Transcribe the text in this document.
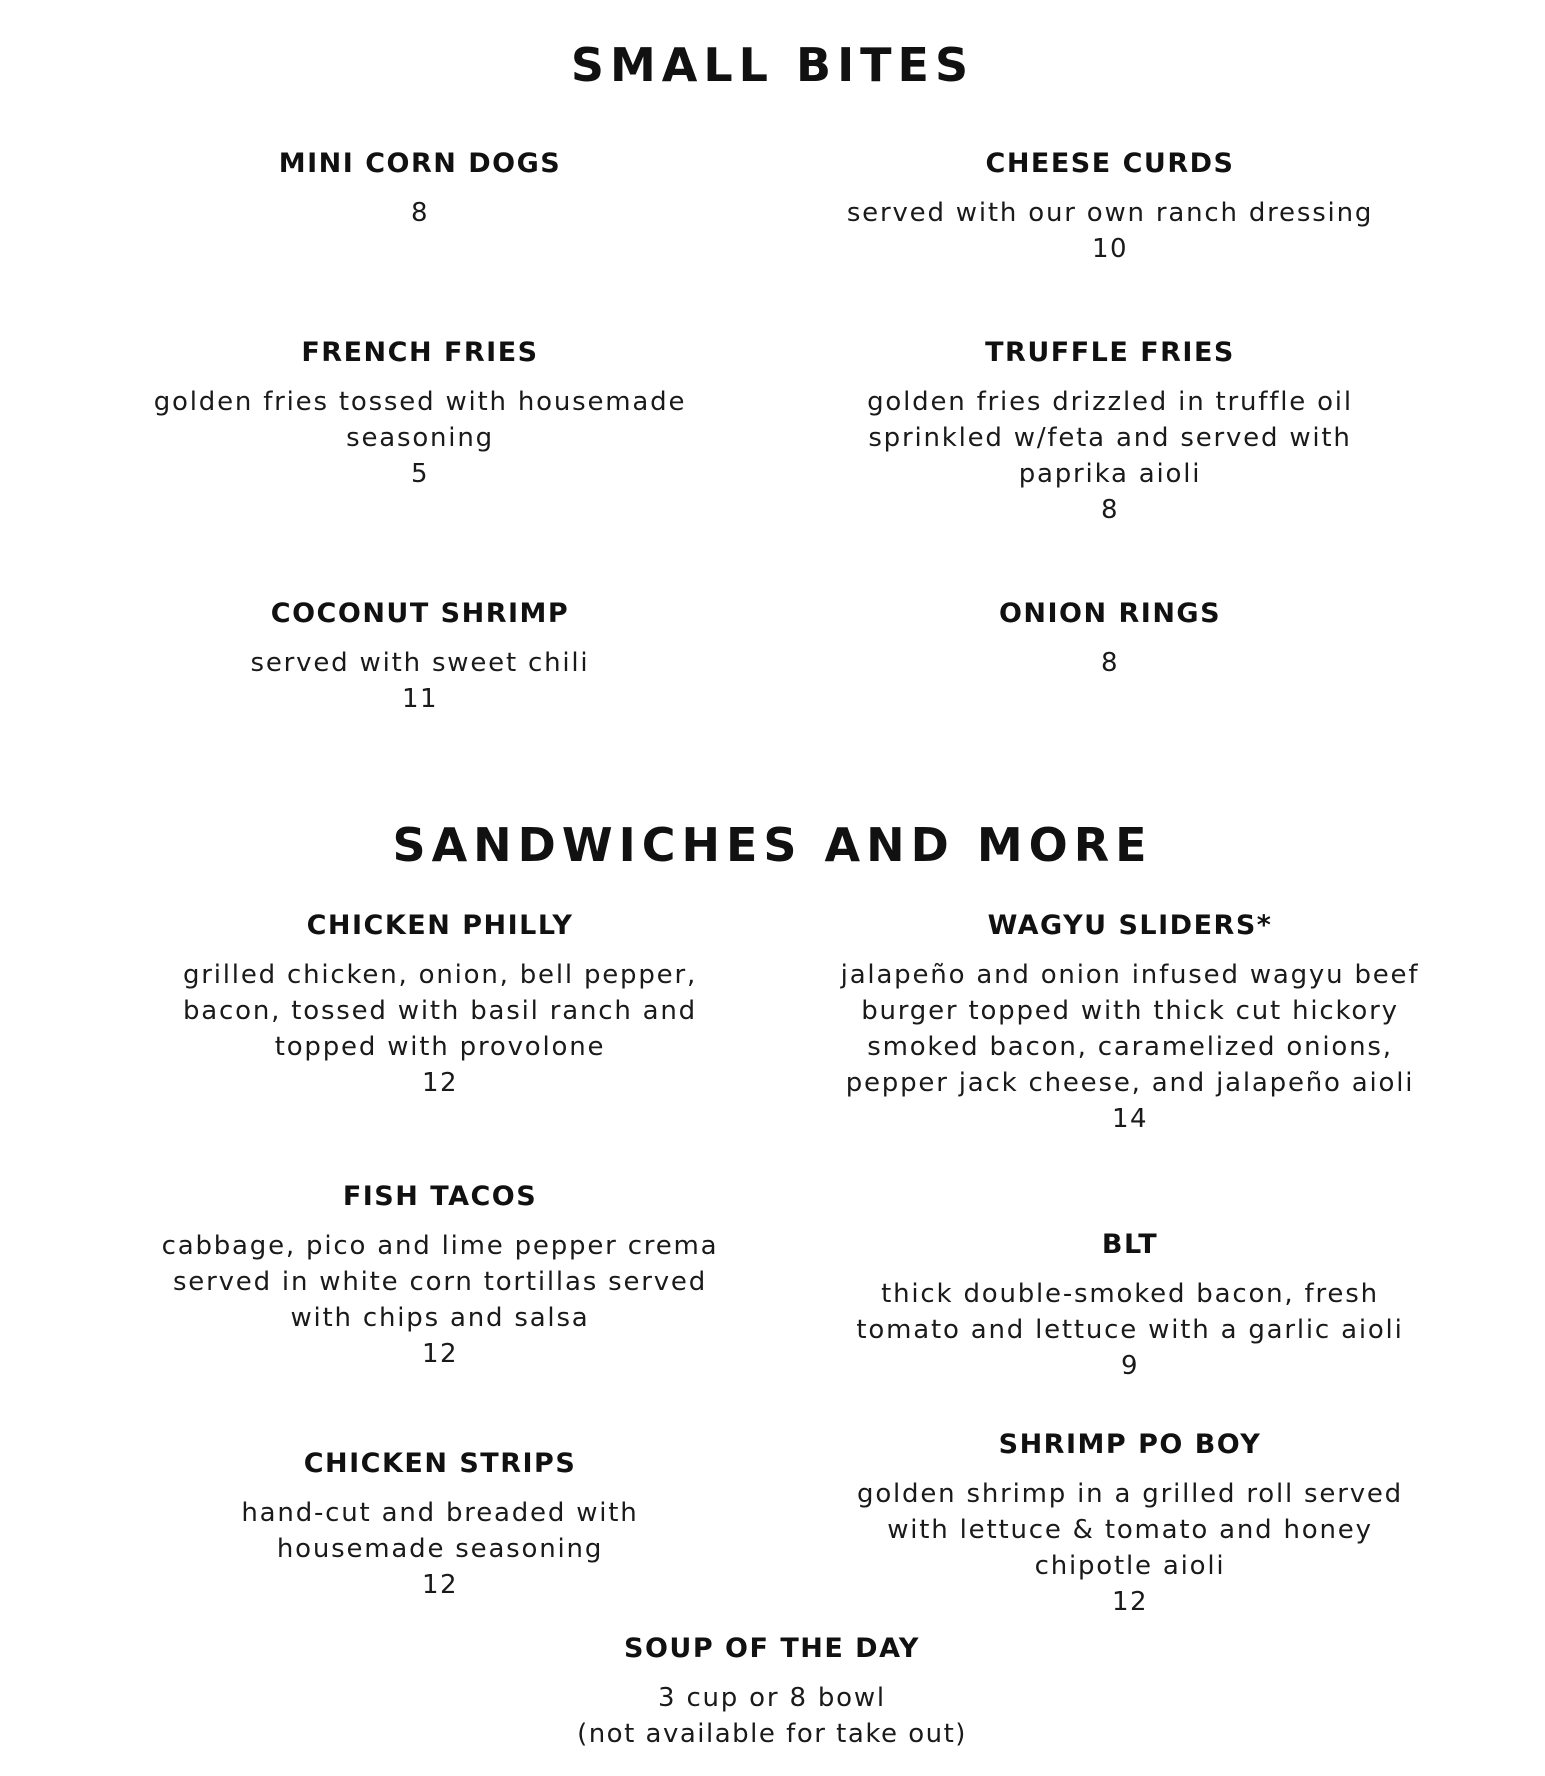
SMALL BITES
MINI CORN DOGS
8
CHEESE CURDS
served with our own ranch dressing
10
FRENCH FRIES
golden fries tossed with housemade seasoning
5
TRUFFLE FRIES
golden fries drizzled in truffle oil sprinkled w/feta and served with paprika aioli
8
COCONUT SHRIMP
served with sweet chili
11
ONION RINGS
8
SANDWICHES AND MORE
CHICKEN PHILLY
grilled chicken, onion, bell pepper, bacon, tossed with basil ranch and topped with provolone
12
WAGYU SLIDERS*
jalapeño and onion infused wagyu beef burger topped with thick cut hickory smoked bacon, caramelized onions, pepper jack cheese, and jalapeño aioli
14
FISH TACOS
cabbage, pico and lime pepper crema served in white corn tortillas served with chips and salsa
12
BLT
thick double-smoked bacon, fresh tomato and lettuce with a garlic aioli
9
CHICKEN STRIPS
hand-cut and breaded with housemade seasoning
12
SHRIMP PO BOY
golden shrimp in a grilled roll served with lettuce & tomato and honey chipotle aioli
12
SOUP OF THE DAY
3 cup or 8 bowl
(not available for take out)
